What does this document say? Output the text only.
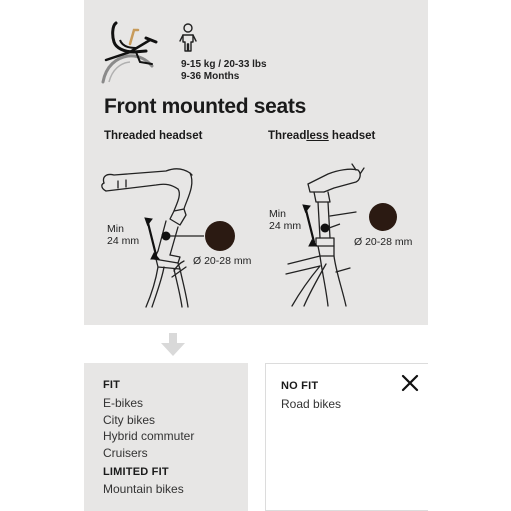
9-15 kg / 20-33 lbs
9-36 Months
Front mounted seats
Threaded headset	Threadless headset
Min
24 mm
Ø 20-28 mm
Min
24 mm
Ø 20-28 mm
FIT
E-bikes
City bikes
Hybrid commuter
Cruisers
LIMITED FIT
Mountain bikes
NO FIT
Road bikes
